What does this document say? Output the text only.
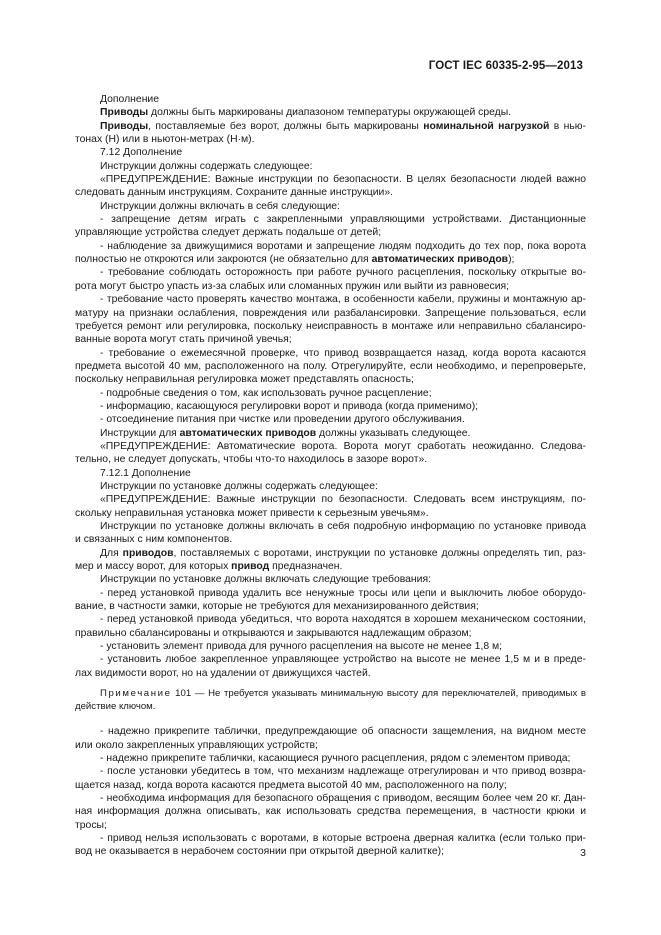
ГОСТ IEC 60335-2-95—2013
Дополнение
Приводы должны быть маркированы диапазоном температуры окружающей среды.
Приводы, поставляемые без ворот, должны быть маркированы номинальной нагрузкой в нью-
тонах (Н) или в ньютон-метрах (Н·м).
7.12 Дополнение
Инструкции должны содержать следующее:
«ПРЕДУПРЕЖДЕНИЕ: Важные инструкции по безопасности. В целях безопасности людей важно
следовать данным инструкциям. Сохраните данные инструкции».
Инструкции должны включать в себя следующие:
- запрещение детям играть с закрепленными управляющими устройствами. Дистанционные
управляющие устройства следует держать подальше от детей;
- наблюдение за движущимися воротами и запрещение людям подходить до тех пор, пока ворота
полностью не откроются или закроются (не обязательно для автоматических приводов);
- требование соблюдать осторожность при работе ручного расцепления, поскольку открытые во-
рота могут быстро упасть из-за слабых или сломанных пружин или выйти из равновесия;
- требование часто проверять качество монтажа, в особенности кабели, пружины и монтажную ар-
матуру на признаки ослабления, повреждения или разбалансировки. Запрещение пользоваться, если
требуется ремонт или регулировка, поскольку неисправность в монтаже или неправильно сбалансиро-
ванные ворота могут стать причиной увечья;
- требование о ежемесячной проверке, что привод возвращается назад, когда ворота касаются
предмета высотой 40 мм, расположенного на полу. Отрегулируйте, если необходимо, и перепроверьте,
поскольку неправильная регулировка может представлять опасность;
- подробные сведения о том, как использовать ручное расцепление;
- информацию, касающуюся регулировки ворот и привода (когда применимо);
- отсоединение питания при чистке или проведении другого обслуживания.
Инструкции для автоматических приводов должны указывать следующее.
«ПРЕДУПРЕЖДЕНИЕ: Автоматические ворота. Ворота могут сработать неожиданно. Следова-
тельно, не следует допускать, чтобы что-то находилось в зазоре ворот».
7.12.1 Дополнение
Инструкции по установке должны содержать следующее:
«ПРЕДУПРЕЖДЕНИЕ: Важные инструкции по безопасности. Следовать всем инструкциям, по-
скольку неправильная установка может привести к серьезным увечьям».
Инструкции по установке должны включать в себя подробную информацию по установке привода
и связанных с ним компонентов.
Для приводов, поставляемых с воротами, инструкции по установке должны определять тип, раз-
мер и массу ворот, для которых привод предназначен.
Инструкции по установке должны включать следующие требования:
- перед установкой привода удалить все ненужные тросы или цепи и выключить любое оборудо-
вание, в частности замки, которые не требуются для механизированного действия;
- перед установкой привода убедиться, что ворота находятся в хорошем механическом состоянии,
правильно сбалансированы и открываются и закрываются надлежащим образом;
- установить элемент привода для ручного расцепления на высоте не менее 1,8 м;
- установить любое закрепленное управляющее устройство на высоте не менее 1,5 м и в преде-
лах видимости ворот, но на удалении от движущихся частей.
Примечание 101 — Не требуется указывать минимальную высоту для переключателей, приводимых в
действие ключом.
- надежно прикрепите таблички, предупреждающие об опасности защемления, на видном месте
или около закрепленных управляющих устройств;
- надежно прикрепите таблички, касающиеся ручного расцепления, рядом с элементом привода;
- после установки убедитесь в том, что механизм надлежаще отрегулирован и что привод возвра-
щается назад, когда ворота касаются предмета высотой 40 мм, расположенного на полу;
- необходима информация для безопасного обращения с приводом, весящим более чем 20 кг. Дан-
ная информация должна описывать, как использовать средства перемещения, в частности крюки и тросы;
- привод нельзя использовать с воротами, в которые встроена дверная калитка (если только при-
вод не оказывается в нерабочем состоянии при открытой дверной калитке);	3
